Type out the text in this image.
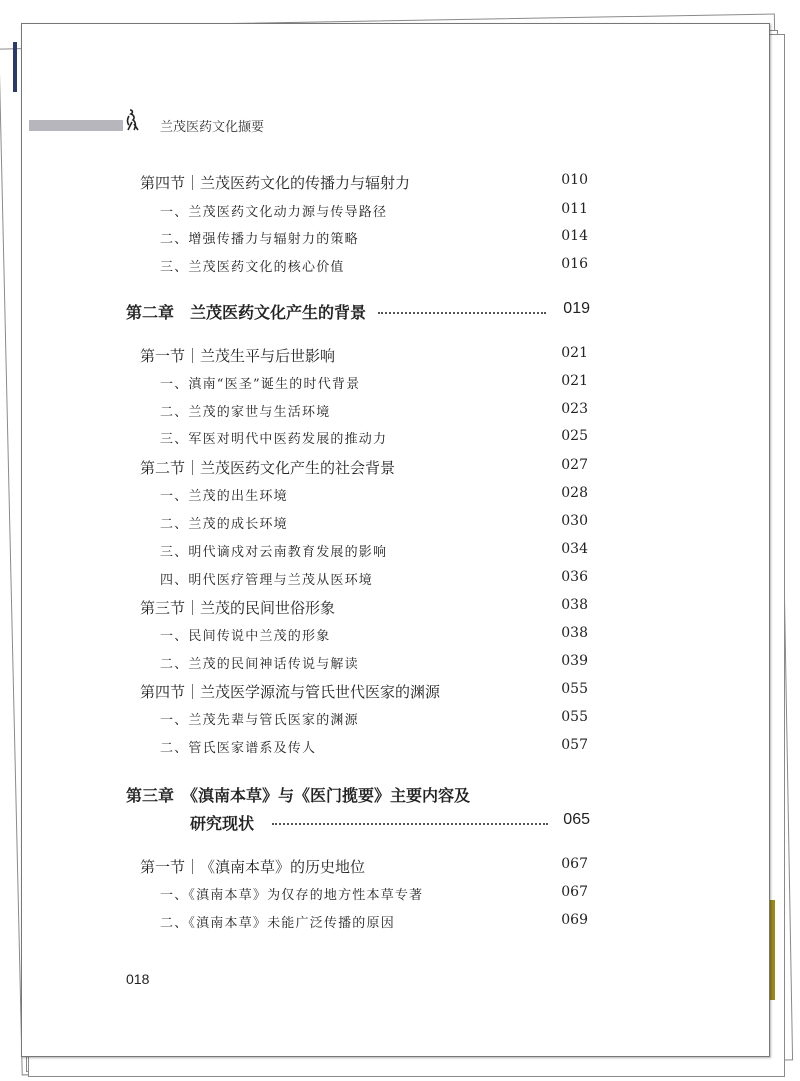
兰茂医药文化撷要
第四节｜兰茂医药文化的传播力与辐射力	010
一、兰茂医药文化动力源与传导路径	011
二、增强传播力与辐射力的策略	014
三、兰茂医药文化的核心价值	016
第二章　兰茂医药文化产生的背景	019
第一节｜兰茂生平与后世影响	021
一、滇南“医圣”诞生的时代背景	021
二、兰茂的家世与生活环境	023
三、军医对明代中医药发展的推动力	025
第二节｜兰茂医药文化产生的社会背景	027
一、兰茂的出生环境	028
二、兰茂的成长环境	030
三、明代谪戍对云南教育发展的影响	034
四、明代医疗管理与兰茂从医环境	036
第三节｜兰茂的民间世俗形象	038
一、民间传说中兰茂的形象	038
二、兰茂的民间神话传说与解读	039
第四节｜兰茂医学源流与管氏世代医家的渊源	055
一、兰茂先辈与管氏医家的渊源	055
二、管氏医家谱系及传人	057
第三章　《滇南本草》与《医门揽要》主要内容及
研究现状	065
第一节｜《滇南本草》的历史地位	067
一、《滇南本草》为仅存的地方性本草专著	067
二、《滇南本草》未能广泛传播的原因	069
018
